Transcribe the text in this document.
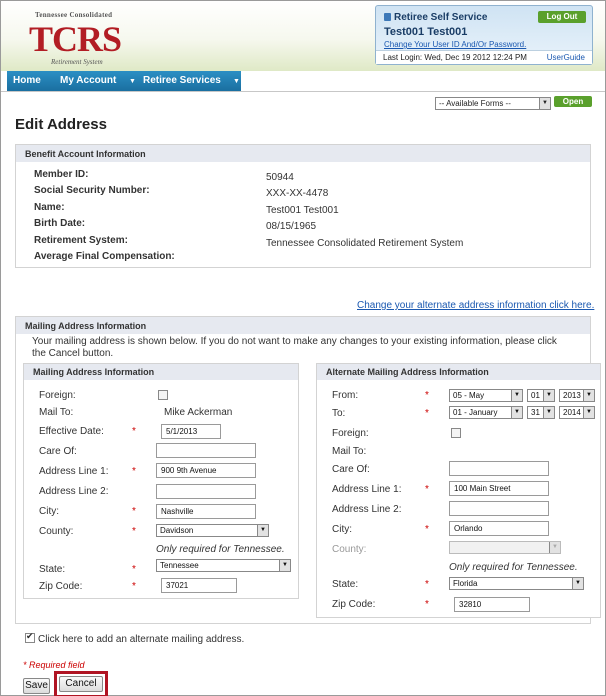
Tennessee Consolidated
TCRS
Retirement System
Retiree Self Service	Log Out
Test001 Test001
Change Your User ID And/Or Password.
Last Login: Wed, Dec 19 2012 12:24 PM UserGuide
Home My Account ▼ Retiree Services ▼
-- Available Forms --	▼	Open
Edit Address
Benefit Account Information
Member ID:	50944
Social Security Number:	XXX-XX-4478
Name:	Test001 Test001
Birth Date:	08/15/1965
Retirement System:	Tennessee Consolidated Retirement System
Average Final Compensation:
Change your alternate address information click here.
Mailing Address Information
Your mailing address is shown below. If you do not want to make any changes to your existing information, please click the Cancel button.
Mailing Address Information
Foreign:
Mail To:	Mike Ackerman
Effective Date:	*	5/1/2013
Care Of:
Address Line 1: *	900 9th Avenue
Address Line 2:
City:	*	Nashville
County:	*	Davidson	▼
Only required for Tennessee.
State:	*	Tennessee	▼
Zip Code:	*	37021
Alternate Mailing Address Information
From:	*	05 - May	▼	01	▼	2013 ▼
To:	*	01 - January	▼	31	▼	2014 ▼
Foreign:
Mail To:
Care Of:
Address Line 1: *	100 Main Street
Address Line 2:
City:	*	Orlando
County:	▼
Only required for Tennessee.
State:	*	Florida	▼
Zip Code:	*	32810
✔
Click here to add an alternate mailing address.
* Required field
Save	Cancel
